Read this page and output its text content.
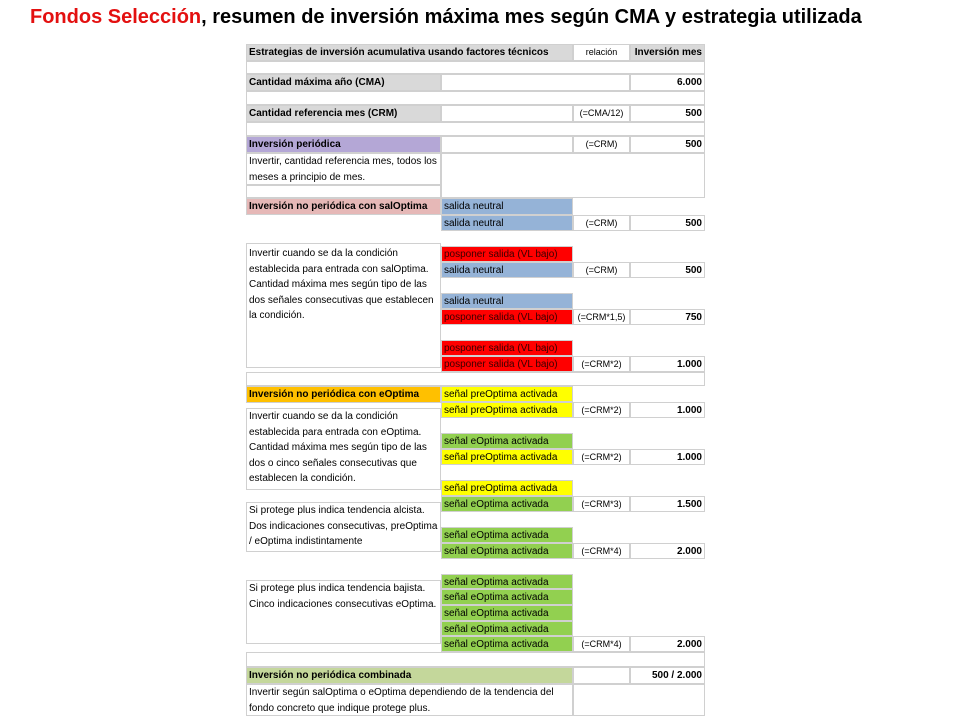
Fondos Selección, resumen de inversión máxima mes según CMA y estrategia utilizada
Estrategias de inversión acumulativa usando factores técnicos	relación	Inversión mes
Cantidad máxima año (CMA)	6.000
Cantidad referencia mes (CRM)	(=CMA/12)	500
Inversión periódica	(=CRM)	500
Invertir, cantidad referencia mes, todos los meses a principio de mes.
Inversión no periódica con salOptima
Invertir cuando se da la condición establecida para entrada con salOptima. Cantidad máxima mes según tipo de las dos señales consecutivas que establecen la condición.
salida neutral
salida neutral	(=CRM)	500
posponer salida (VL bajo)
salida neutral	(=CRM)	500
salida neutral
posponer salida (VL bajo)	(=CRM*1,5)	750
posponer salida (VL bajo)
posponer salida (VL bajo)	(=CRM*2)	1.000
Inversión no periódica con eOptima
Invertir cuando se da la condición establecida para entrada con eOptima. Cantidad máxima mes según tipo de las dos o cinco señales consecutivas que establecen la condición.
Si protege plus indica tendencia alcista. Dos indicaciones consecutivas, preOptima / eOptima indistintamente
Si protege plus indica tendencia bajista. Cinco indicaciones consecutivas eOptima.
señal preOptima activada
señal preOptima activada	(=CRM*2)	1.000
señal eOptima activada
señal preOptima activada	(=CRM*2)	1.000
señal preOptima activada
señal eOptima activada	(=CRM*3)	1.500
señal eOptima activada
señal eOptima activada	(=CRM*4)	2.000
señal eOptima activada
señal eOptima activada
señal eOptima activada
señal eOptima activada
señal eOptima activada	(=CRM*4)	2.000
Inversión no periódica combinada	500 / 2.000
Invertir según salOptima o eOptima dependiendo de la tendencia del fondo concreto que indique protege plus.
